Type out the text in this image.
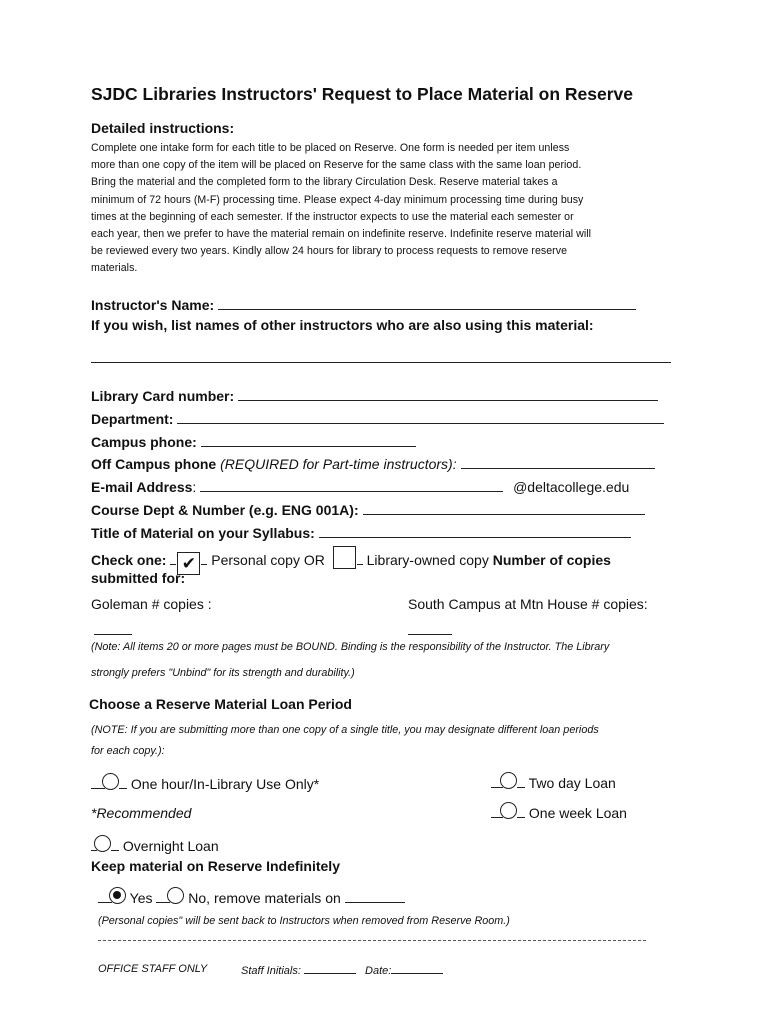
SJDC Libraries Instructors' Request to Place Material on Reserve
Detailed instructions:
Complete one intake form for each title to be placed on Reserve. One form is needed per item unless
more than one copy of the item will be placed on Reserve for the same class with the same loan period.
Bring the material and the completed form to the library Circulation Desk. Reserve material takes a
minimum of 72 hours (M-F) processing time. Please expect 4-day minimum processing time during busy
times at the beginning of each semester. If the instructor expects to use the material each semester or
each year, then we prefer to have the material remain on indefinite reserve. Indefinite reserve material will
be reviewed every two years. Kindly allow 24 hours for library to process requests to remove reserve
materials.
Instructor's Name:
If you wish, list names of other instructors who are also using this material:
Library Card number:
Department:
Campus phone:
Off Campus phone (REQUIRED for Part-time instructors):
E-mail Address:	@deltacollege.edu
Course Dept & Number (e.g. ENG 001A):
Title of Material on your Syllabus:
Check one: ✔ Personal copy OR	Library-owned copy Number of copies
submitted for:
Goleman # copies :	South Campus at Mtn House # copies:
(Note: All items 20 or more pages must be BOUND. Binding is the responsibility of the Instructor. The Library
strongly prefers "Unbind" for its strength and durability.)
Choose a Reserve Material Loan Period
(NOTE: If you are submitting more than one copy of a single title, you may designate different loan periods
for each copy.):
One hour/In-Library Use Only*	Two day Loan
*Recommended	One week Loan
Overnight Loan
Keep material on Reserve Indefinitely
Yes	No, remove materials on
(Personal copies" will be sent back to Instructors when removed from Reserve Room.)
OFFICE STAFF ONLY	Staff Initials:	Date:
